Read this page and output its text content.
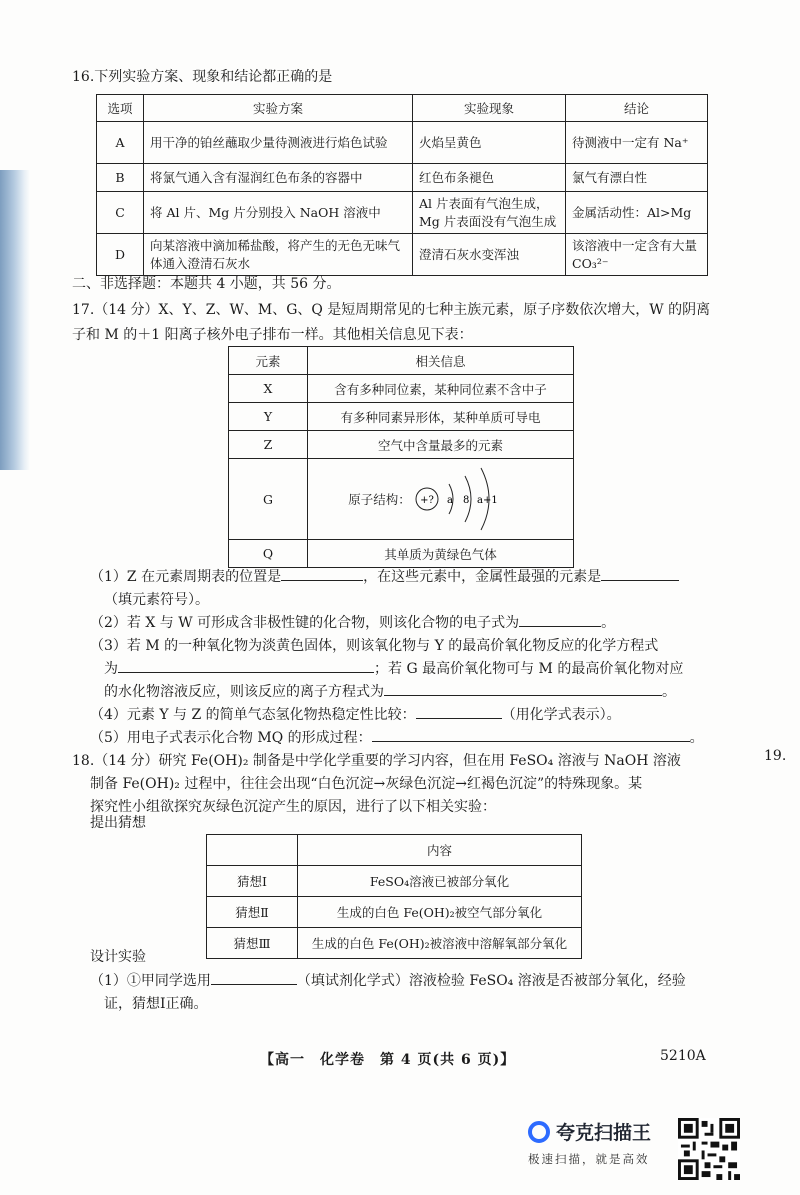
16.下列实验方案、现象和结论都正确的是
选项	实验方案	实验现象	结论
A	用干净的铂丝蘸取少量待测液进行焰色试验	火焰呈黄色	待测液中一定有 Na⁺
B	将氯气通入含有湿润红色布条的容器中	红色布条褪色	氯气有漂白性
C	将 Al 片、Mg 片分别投入 NaOH 溶液中	Al 片表面有气泡生成，Mg 片表面没有气泡生成	金属活动性：Al>Mg
D	向某溶液中滴加稀盐酸，将产生的无色无味气体通入澄清石灰水	澄清石灰水变浑浊	该溶液中一定含有大量 CO₃²⁻
二、非选择题：本题共 4 小题，共 56 分。
17.（14 分）X、Y、Z、W、M、G、Q 是短周期常见的七种主族元素，原子序数依次增大，W 的阴离子和 M 的＋1 阳离子核外电子排布一样。其他相关信息见下表：
元素	相关信息
X	含有多种同位素，某种同位素不含中子
Y	有多种同素异形体，某种单质可导电
Z	空气中含量最多的元素
G	原子结构： +? a 8 a+1

Q	其单质为黄绿色气体
（1）Z 在元素周期表的位置是	，在这些元素中，金属性最强的元素是
（填元素符号）。
（2）若 X 与 W 可形成含非极性键的化合物，则该化合物的电子式为	。
（3）若 M 的一种氧化物为淡黄色固体，则该氧化物与 Y 的最高价氧化物反应的化学方程式
为	；若 G 最高价氧化物可与 M 的最高价氧化物对应
的水化物溶液反应，则该反应的离子方程式为	。
（4）元素 Y 与 Z 的简单气态氢化物热稳定性比较：	（用化学式表示）。
（5）用电子式表示化合物 MQ 的形成过程：	。
19.
18.（14 分）研究 Fe(OH)₂ 制备是中学化学重要的学习内容，但在用 FeSO₄ 溶液与 NaOH 溶液
制备 Fe(OH)₂ 过程中，往往会出现“白色沉淀→灰绿色沉淀→红褐色沉淀”的特殊现象。某
探究性小组欲探究灰绿色沉淀产生的原因，进行了以下相关实验：
提出猜想
	内容
猜想Ⅰ	FeSO₄溶液已被部分氧化
猜想Ⅱ	生成的白色 Fe(OH)₂被空气部分氧化
猜想Ⅲ	生成的白色 Fe(OH)₂被溶液中溶解氧部分氧化
设计实验
（1）①甲同学选用	（填试剂化学式）溶液检验 FeSO₄ 溶液是否被部分氧化，经验
证，猜想Ⅰ正确。
【高一　化学卷　第 4 页(共 6 页)】	5210A
夸克扫描王
极速扫描，就是高效
